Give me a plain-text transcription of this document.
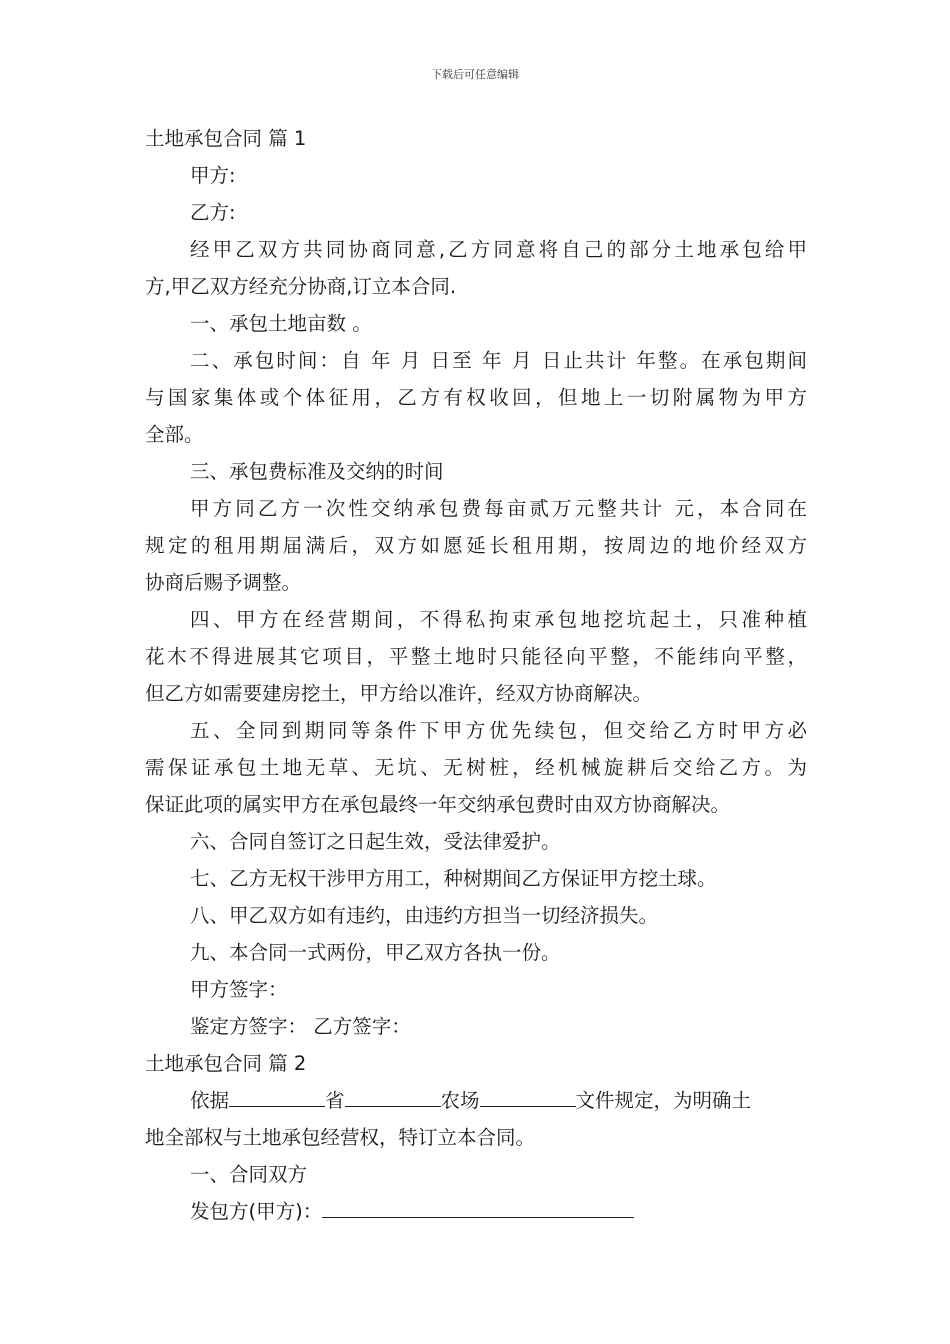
下载后可任意编辑
土地承包合同 篇 1
甲方:
乙方:
经甲乙双方共同协商同意,乙方同意将自己的部分土地承包给甲
方,甲乙双方经充分协商,订立本合同.
一、承包土地亩数 。
二、承包时间：自 年 月 日至 年 月 日止共计 年整。在承包期间
与国家集体或个体征用，乙方有权收回，但地上一切附属物为甲方
全部。
三、承包费标准及交纳的时间
甲方同乙方一次性交纳承包费每亩贰万元整共计 元，本合同在
规定的租用期届满后，双方如愿延长租用期，按周边的地价经双方
协商后赐予调整。
四、甲方在经营期间，不得私拘束承包地挖坑起土，只准种植
花木不得进展其它项目，平整土地时只能径向平整，不能纬向平整，
但乙方如需要建房挖土，甲方给以准许，经双方协商解决。
五、全同到期同等条件下甲方优先续包，但交给乙方时甲方必
需保证承包土地无草、无坑、无树桩，经机械旋耕后交给乙方。为
保证此项的属实甲方在承包最终一年交纳承包费时由双方协商解决。
六、合同自签订之日起生效，受法律爱护。
七、乙方无权干涉甲方用工，种树期间乙方保证甲方挖土球。
八、甲乙双方如有违约，由违约方担当一切经济损失。
九、本合同一式两份，甲乙双方各执一份。
甲方签字：
鉴定方签字： 乙方签字：
土地承包合同 篇 2
依据	省	农场	文件规定，为明确土
地全部权与土地承包经营权，特订立本合同。
一、合同双方
发包方(甲方)：
